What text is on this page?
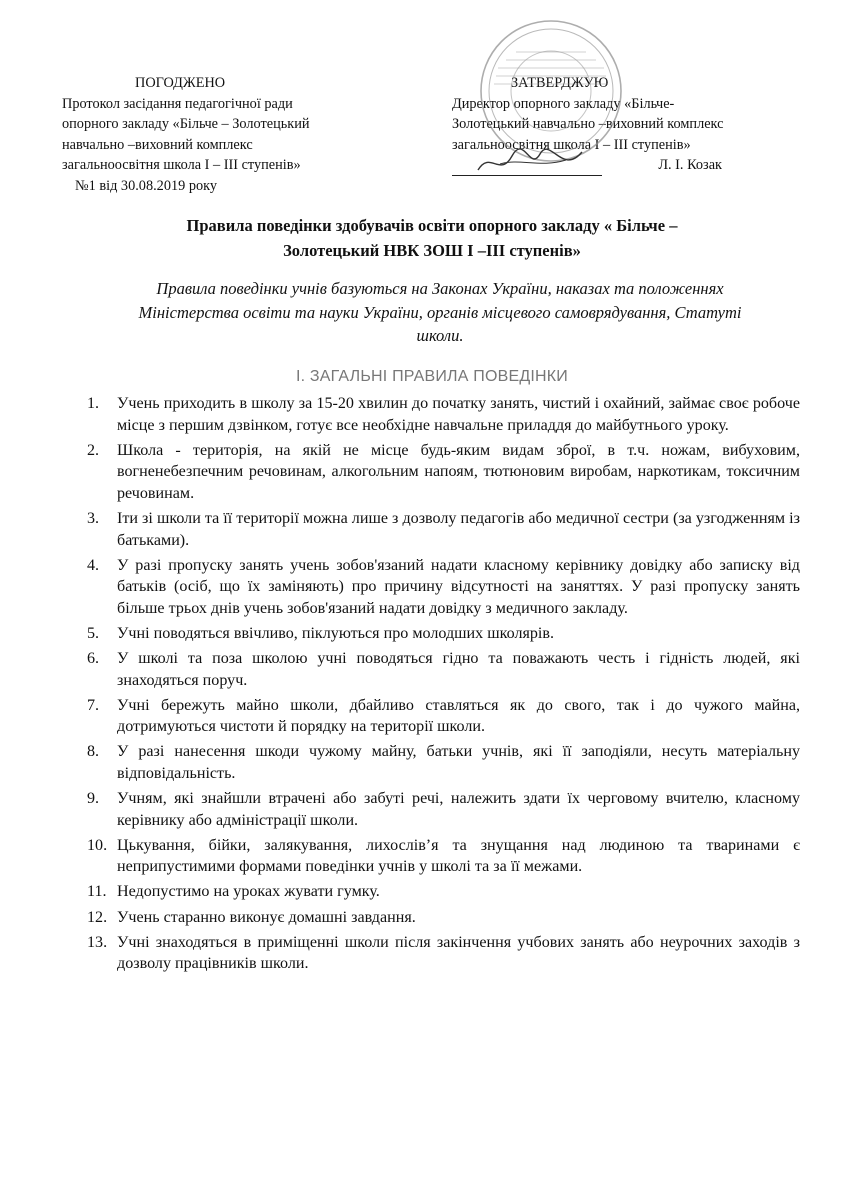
ПОГОДЖЕНО
Протокол засідання педагогічної ради
опорного закладу «Більче – Золотецький
навчально –виховний комплекс
загальноосвітня школа І – ІІІ ступенів»
№1 від 30.08.2019 року
ЗАТВЕРДЖУЮ
Директор опорного закладу «Більче-
Золотецький навчально –виховний комплекс
загальноосвітня школа І – ІІІ ступенів»
Л. І. Козак
Правила поведінки здобувачів освіти опорного закладу « Більче –
Золотецький НВК ЗОШ І –ІІІ ступенів»
Правила поведінки учнів базуються на Законах України, наказах та положеннях Міністерства освіти та науки України, органів місцевого самоврядування, Статуті школи.
I. ЗАГАЛЬНІ ПРАВИЛА ПОВЕДІНКИ
1.	Учень приходить в школу за 15-20 хвилин до початку занять, чистий і охайний, займає своє робоче місце з першим дзвінком, готує все необхідне навчальне приладдя до майбутнього уроку.
2.	Школа - територія, на якій не місце будь-яким видам зброї, в т.ч. ножам, вибуховим, вогненебезпечним речовинам, алкогольним напоям, тютюновим виробам, наркотикам, токсичним речовинам.
3.	Іти зі школи та її території можна лише з дозволу педагогів або медичної сестри (за узгодженням із батьками).
4.	У разі пропуску занять учень зобов'язаний надати класному керівнику довідку або записку від батьків (осіб, що їх заміняють) про причину відсутності на заняттях. У разі пропуску занять більше трьох днів учень зобов'язаний надати довідку з медичного закладу.
5.	Учні поводяться ввічливо, піклуються про молодших школярів.
6.	У школі та поза школою учні поводяться гідно та поважають честь і гідність людей, які знаходяться поруч.
7.	Учні бережуть майно школи, дбайливо ставляться як до свого, так і до чужого майна, дотримуються чистоти й порядку на території школи.
8.	У разі нанесення шкоди чужому майну, батьки учнів, які її заподіяли, несуть матеріальну відповідальність.
9.	Учням, які знайшли втрачені або забуті речі, належить здати їх черговому вчителю, класному керівнику або адміністрації школи.
10. Цькування, бійки, залякування, лихослів’я та знущання над людиною та тваринами є неприпустимими формами поведінки учнів у школі та за її межами.
11. Недопустимо на уроках жувати гумку.
12. Учень старанно виконує домашні завдання.
13. Учні знаходяться в приміщенні школи після закінчення учбових занять або неурочних заходів з дозволу працівників школи.
